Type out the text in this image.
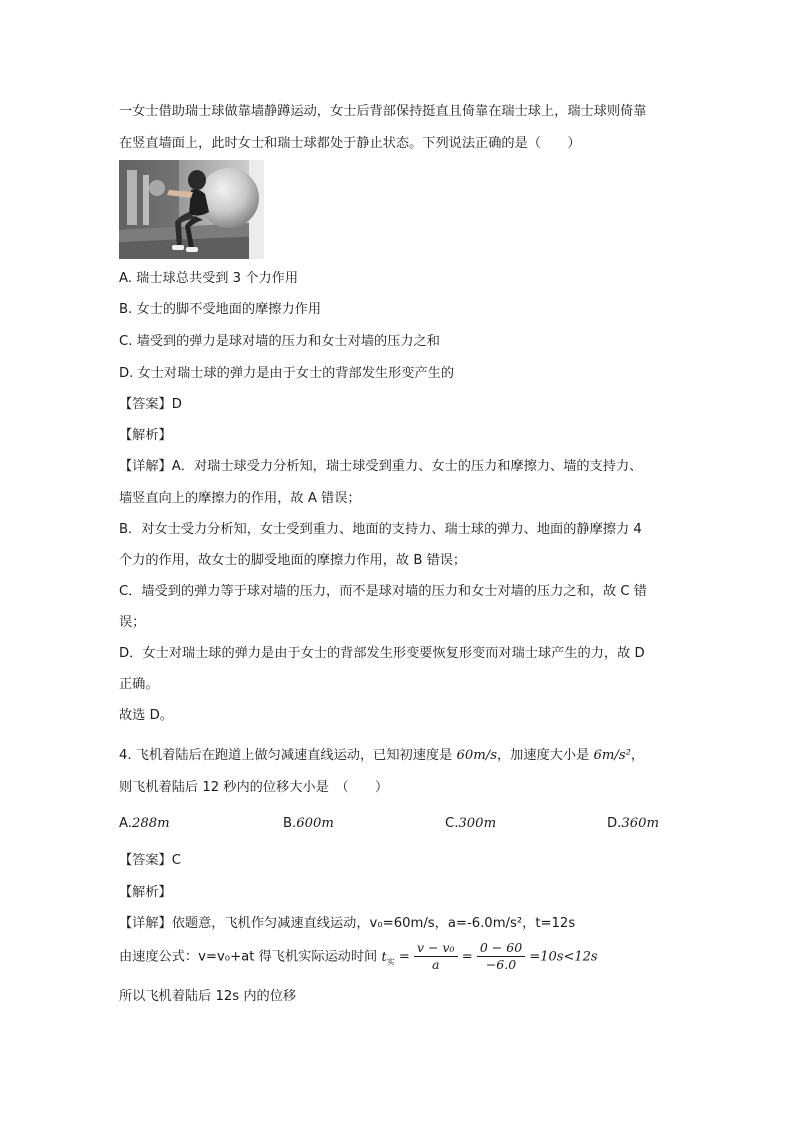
一女士借助瑞士球做靠墙静蹲运动，女士后背部保持挺直且倚靠在瑞士球上，瑞士球则倚靠
在竖直墙面上，此时女士和瑞士球都处于静止状态。下列说法正确的是（　　）
A. 瑞士球总共受到 3 个力作用
B. 女士的脚不受地面的摩擦力作用
C. 墙受到的弹力是球对墙的压力和女士对墙的压力之和
D. 女士对瑞士球的弹力是由于女士的背部发生形变产生的
【答案】D
【解析】
【详解】A．对瑞士球受力分析知，瑞士球受到重力、女士的压力和摩擦力、墙的支持力、
墙竖直向上的摩擦力的作用，故 A 错误；
B．对女士受力分析知，女士受到重力、地面的支持力、瑞士球的弹力、地面的静摩擦力 4
个力的作用，故女士的脚受地面的摩擦力作用，故 B 错误；
C．墙受到的弹力等于球对墙的压力，而不是球对墙的压力和女士对墙的压力之和，故 C 错
误；
D．女士对瑞士球的弹力是由于女士的背部发生形变要恢复形变而对瑞士球产生的力，故 D
正确。
故选 D。
4. 飞机着陆后在跑道上做匀减速直线运动，已知初速度是 60m/s，加速度大小是 6m/s²，
则飞机着陆后 12 秒内的位移大小是　（　　）
A.288m	B.600m	C.300m	D.360m
【答案】C
【解析】
【详解】依题意，飞机作匀减速直线运动，v₀=60m/s，a=-6.0m/s²，t=12s
由速度公式：v=v₀+at 得飞机实际运动时间 $t_实 = \frac{\text{v − v₀}}{a} = \frac{0 - 60}{-6.0} =10s<12s$
所以飞机着陆后 12s 内的位移
